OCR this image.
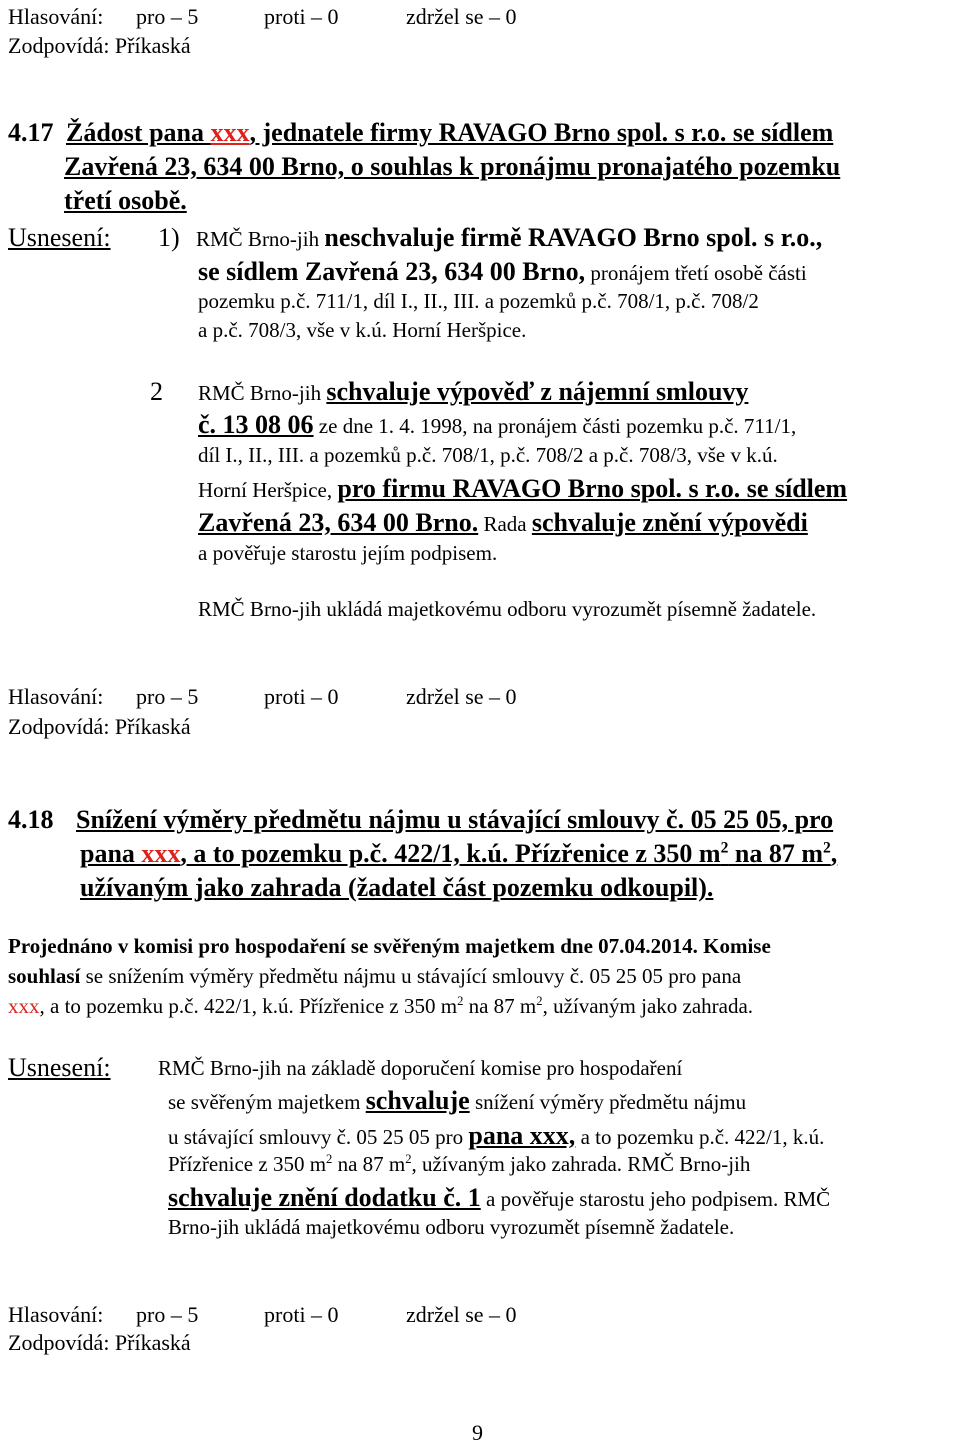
Hlasování: pro – 5	proti – 0	zdržel se – 0
Zodpovídá: Příkaská
4.17 Žádost pana xxx, jednatele firmy RAVAGO Brno spol. s r.o. se sídlem
Zavřená 23, 634 00 Brno, o souhlas k pronájmu pronajatého pozemku
třetí osobě.
Usnesení: 1) RMČ Brno-jih neschvaluje firmě RAVAGO Brno spol. s r.o.,
se sídlem Zavřená 23, 634 00 Brno, pronájem třetí osobě části
pozemku p.č. 711/1, díl I., II., III. a pozemků p.č. 708/1, p.č. 708/2
a p.č. 708/3, vše v k.ú. Horní Heršpice.
2 RMČ Brno-jih schvaluje výpověď z nájemní smlouvy
č. 13 08 06 ze dne 1. 4. 1998, na pronájem části pozemku p.č. 711/1,
díl I., II., III. a pozemků p.č. 708/1, p.č. 708/2 a p.č. 708/3, vše v k.ú.
Horní Heršpice, pro firmu RAVAGO Brno spol. s r.o. se sídlem
Zavřená 23, 634 00 Brno. Rada schvaluje znění výpovědi
a pověřuje starostu jejím podpisem.
RMČ Brno-jih ukládá majetkovému odboru vyrozumět písemně žadatele.
Hlasování: pro – 5	proti – 0	zdržel se – 0
Zodpovídá: Příkaská
4.18 Snížení výměry předmětu nájmu u stávající smlouvy č. 05 25 05, pro
pana xxx, a to pozemku p.č. 422/1, k.ú. Přízřenice z 350 $m^2$ na 87 $m^2$,
užívaným jako zahrada (žadatel část pozemku odkoupil).
Projednáno v komisi pro hospodaření se svěřeným majetkem dne 07.04.2014. Komise
souhlasí se snížením výměry předmětu nájmu u stávající smlouvy č. 05 25 05 pro pana
xxx, a to pozemku p.č. 422/1, k.ú. Přízřenice z 350 $m^2$ na 87 $m^2$, užívaným jako zahrada.
Usnesení: RMČ Brno-jih na základě doporučení komise pro hospodaření
se svěřeným majetkem schvaluje snížení výměry předmětu nájmu
u stávající smlouvy č. 05 25 05 pro pana xxx, a to pozemku p.č. 422/1, k.ú.
Přízřenice z 350 $m^2$ na 87 $m^2$, užívaným jako zahrada. RMČ Brno-jih
schvaluje znění dodatku č. 1 a pověřuje starostu jeho podpisem. RMČ
Brno-jih ukládá majetkovému odboru vyrozumět písemně žadatele.
Hlasování: pro – 5	proti – 0	zdržel se – 0
Zodpovídá: Příkaská
9
